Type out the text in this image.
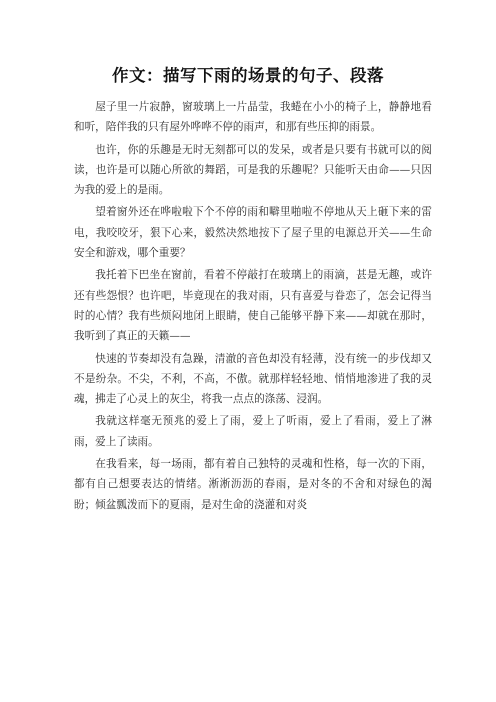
作文：描写下雨的场景的句子、段落

屋子里一片寂静，窗玻璃上一片晶莹，我蜷在小小的椅子上，静静地看和听，陪伴我的只有屋外哗哗不停的雨声，和那有些压抑的雨景。

也许，你的乐趣是无时无刻都可以的发呆，或者是只要有书就可以的阅读，也许是可以随心所欲的舞蹈，可是我的乐趣呢？只能听天由命——只因为我的爱上的是雨。

望着窗外还在哗啦啦下个不停的雨和噼里啪啦不停地从天上砸下来的雷电，我咬咬牙，狠下心来，毅然决然地按下了屋子里的电源总开关——生命安全和游戏，哪个重要？

我托着下巴坐在窗前，看着不停敲打在玻璃上的雨滴，甚是无趣，或许还有些怨恨？也许吧，毕竟现在的我对雨，只有喜爱与眷恋了，怎会记得当时的心情？我有些烦闷地闭上眼睛，使自己能够平静下来——却就在那时，我听到了真正的天籁——

快速的节奏却没有急躁，清澈的音色却没有轻薄，没有统一的步伐却又不是纷杂。不尖，不利，不高，不傲。就那样轻轻地、悄悄地渗进了我的灵魂，拂走了心灵上的灰尘，将我一点点的涤荡、浸润。

我就这样毫无预兆的爱上了雨，爱上了听雨，爱上了看雨，爱上了淋雨，爱上了读雨。

在我看来，每一场雨，都有着自己独特的灵魂和性格，每一次的下雨，都有自己想要表达的情绪。淅淅沥沥的春雨，是对冬的不舍和对绿色的渴盼；倾盆瓢泼而下的夏雨，是对生命的浇灌和对炎
